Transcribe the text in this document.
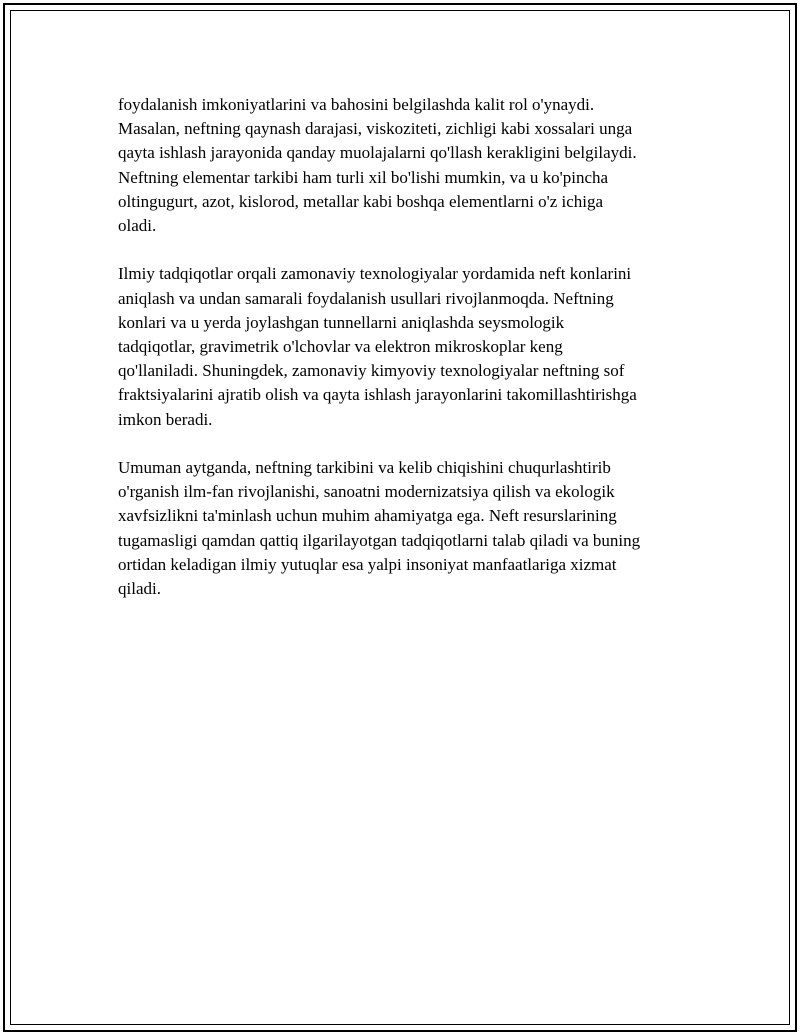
foydalanish imkoniyatlarini va bahosini belgilashda kalit rol o'ynaydi.
Masalan, neftning qaynash darajasi, viskoziteti, zichligi kabi xossalari unga
qayta ishlash jarayonida qanday muolajalarni qo'llash kerakligini belgilaydi.
Neftning elementar tarkibi ham turli xil bo'lishi mumkin, va u ko'pincha
oltingugurt, azot, kislorod, metallar kabi boshqa elementlarni o'z ichiga
oladi.

Ilmiy tadqiqotlar orqali zamonaviy texnologiyalar yordamida neft konlarini
aniqlash va undan samarali foydalanish usullari rivojlanmoqda. Neftning
konlari va u yerda joylashgan tunnellarni aniqlashda seysmologik
tadqiqotlar, gravimetrik o'lchovlar va elektron mikroskoplar keng
qo'llaniladi. Shuningdek, zamonaviy kimyoviy texnologiyalar neftning sof
fraktsiyalarini ajratib olish va qayta ishlash jarayonlarini takomillashtirishga
imkon beradi.

Umuman aytganda, neftning tarkibini va kelib chiqishini chuqurlashtirib
o'rganish ilm-fan rivojlanishi, sanoatni modernizatsiya qilish va ekologik
xavfsizlikni ta'minlash uchun muhim ahamiyatga ega. Neft resurslarining
tugamasligi qamdan qattiq ilgarilayotgan tadqiqotlarni talab qiladi va buning
ortidan keladigan ilmiy yutuqlar esa yalpi insoniyat manfaatlariga xizmat
qiladi.
